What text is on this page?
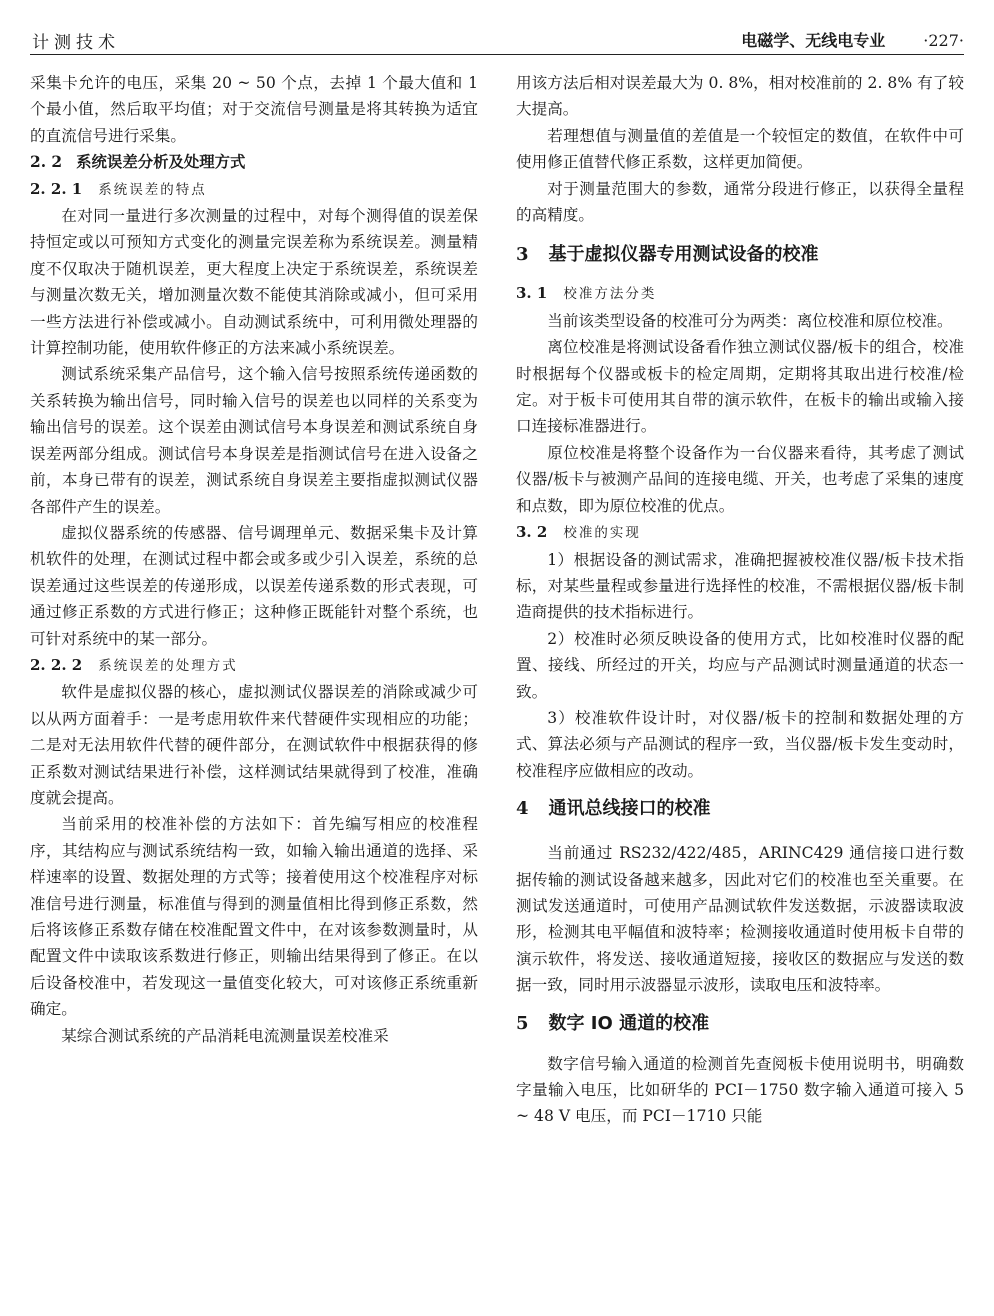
计测技术	电磁学、无线电专业 ·227·

采集卡允许的电压，采集 20 ~ 50 个点，去掉 1 个最大值和 1 个最小值，然后取平均值；对于交流信号测量是将其转换为适宜的直流信号进行采集。

2. 2 系统误差分析及处理方式
2. 2. 1 系统误差的特点

在对同一量进行多次测量的过程中，对每个测得值的误差保持恒定或以可预知方式变化的测量完误差称为系统误差。测量精度不仅取决于随机误差，更大程度上决定于系统误差，系统误差与测量次数无关，增加测量次数不能使其消除或减小，但可采用一些方法进行补偿或减小。自动测试系统中，可利用微处理器的计算控制功能，使用软件修正的方法来减小系统误差。

测试系统采集产品信号，这个输入信号按照系统传递函数的关系转换为输出信号，同时输入信号的误差也以同样的关系变为输出信号的误差。这个误差由测试信号本身误差和测试系统自身误差两部分组成。测试信号本身误差是指测试信号在进入设备之前，本身已带有的误差，测试系统自身误差主要指虚拟测试仪器各部件产生的误差。

虚拟仪器系统的传感器、信号调理单元、数据采集卡及计算机软件的处理，在测试过程中都会或多或少引入误差，系统的总误差通过这些误差的传递形成，以误差传递系数的形式表现，可通过修正系数的方式进行修正；这种修正既能针对整个系统，也可针对系统中的某一部分。

2. 2. 2 系统误差的处理方式

软件是虚拟仪器的核心，虚拟测试仪器误差的消除或减少可以从两方面着手：一是考虑用软件来代替硬件实现相应的功能；二是对无法用软件代替的硬件部分，在测试软件中根据获得的修正系数对测试结果进行补偿，这样测试结果就得到了校准，准确度就会提高。

当前采用的校准补偿的方法如下：首先编写相应的校准程序，其结构应与测试系统结构一致，如输入输出通道的选择、采样速率的设置、数据处理的方式等；接着使用这个校准程序对标准信号进行测量，标准值与得到的测量值相比得到修正系数，然后将该修正系数存储在校准配置文件中，在对该参数测量时，从配置文件中读取该系数进行修正，则输出结果得到了修正。在以后设备校准中，若发现这一量值变化较大，可对该修正系统重新确定。

某综合测试系统的产品消耗电流测量误差校准采

用该方法后相对误差最大为 0. 8%，相对校准前的 2. 8% 有了较大提高。

若理想值与测量值的差值是一个较恒定的数值，在软件中可使用修正值替代修正系数，这样更加简便。

对于测量范围大的参数，通常分段进行修正，以获得全量程的高精度。

3 基于虚拟仪器专用测试设备的校准
3. 1 校准方法分类

当前该类型设备的校准可分为两类：离位校准和原位校准。

离位校准是将测试设备看作独立测试仪器/板卡的组合，校准时根据每个仪器或板卡的检定周期，定期将其取出进行校准/检定。对于板卡可使用其自带的演示软件，在板卡的输出或输入接口连接标准器进行。

原位校准是将整个设备作为一台仪器来看待，其考虑了测试仪器/板卡与被测产品间的连接电缆、开关，也考虑了采集的速度和点数，即为原位校准的优点。

3. 2 校准的实现

1）根据设备的测试需求，准确把握被校准仪器/板卡技术指标，对某些量程或参量进行选择性的校准，不需根据仪器/板卡制造商提供的技术指标进行。

2）校准时必须反映设备的使用方式，比如校准时仪器的配置、接线、所经过的开关，均应与产品测试时测量通道的状态一致。

3）校准软件设计时，对仪器/板卡的控制和数据处理的方式、算法必须与产品测试的程序一致，当仪器/板卡发生变动时，校准程序应做相应的改动。

4 通讯总线接口的校准

当前通过 RS232/422/485，ARINC429 通信接口进行数据传输的测试设备越来越多，因此对它们的校准也至关重要。在测试发送通道时，可使用产品测试软件发送数据，示波器读取波形，检测其电平幅值和波特率；检测接收通道时使用板卡自带的演示软件，将发送、接收通道短接，接收区的数据应与发送的数据一致，同时用示波器显示波形，读取电压和波特率。

5 数字 IO 通道的校准

数字信号输入通道的检测首先查阅板卡使用说明书，明确数字量输入电压，比如研华的 PCI－1750 数字输入通道可接入 5 ~ 48 V 电压，而 PCI－1710 只能
